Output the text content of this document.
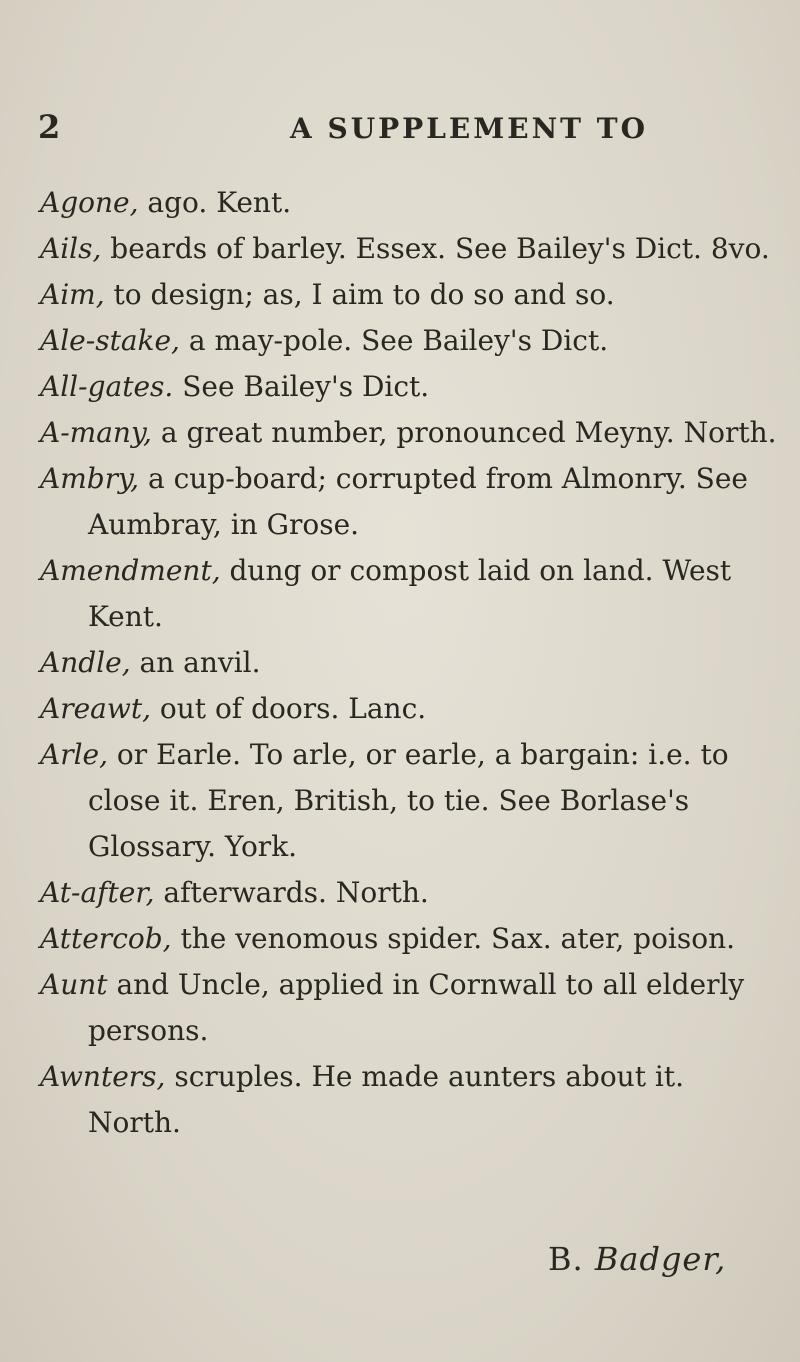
2	A SUPPLEMENT TO
Agone, ago. Kent.
Ails, beards of barley. Essex. See Bailey's Dict. 8vo.
Aim, to design; as, I aim to do so and so.
Ale-stake, a may-pole. See Bailey's Dict.
All-gates. See Bailey's Dict.
A-many, a great number, pronounced Meyny. North.
Ambry, a cup-board; corrupted from Almonry. See Aumbray, in Grose.
Amendment, dung or compost laid on land. West Kent.
Andle, an anvil.
Areawt, out of doors. Lanc.
Arle, or Earle. To arle, or earle, a bargain: i.e. to close it. Eren, British, to tie. See Borlase's Glossary. York.
At-after, afterwards. North.
Attercob, the venomous spider. Sax. ater, poison.
Aunt and Uncle, applied in Cornwall to all elderly persons.
Awnters, scruples. He made aunters about it. North.
B. Badger,
